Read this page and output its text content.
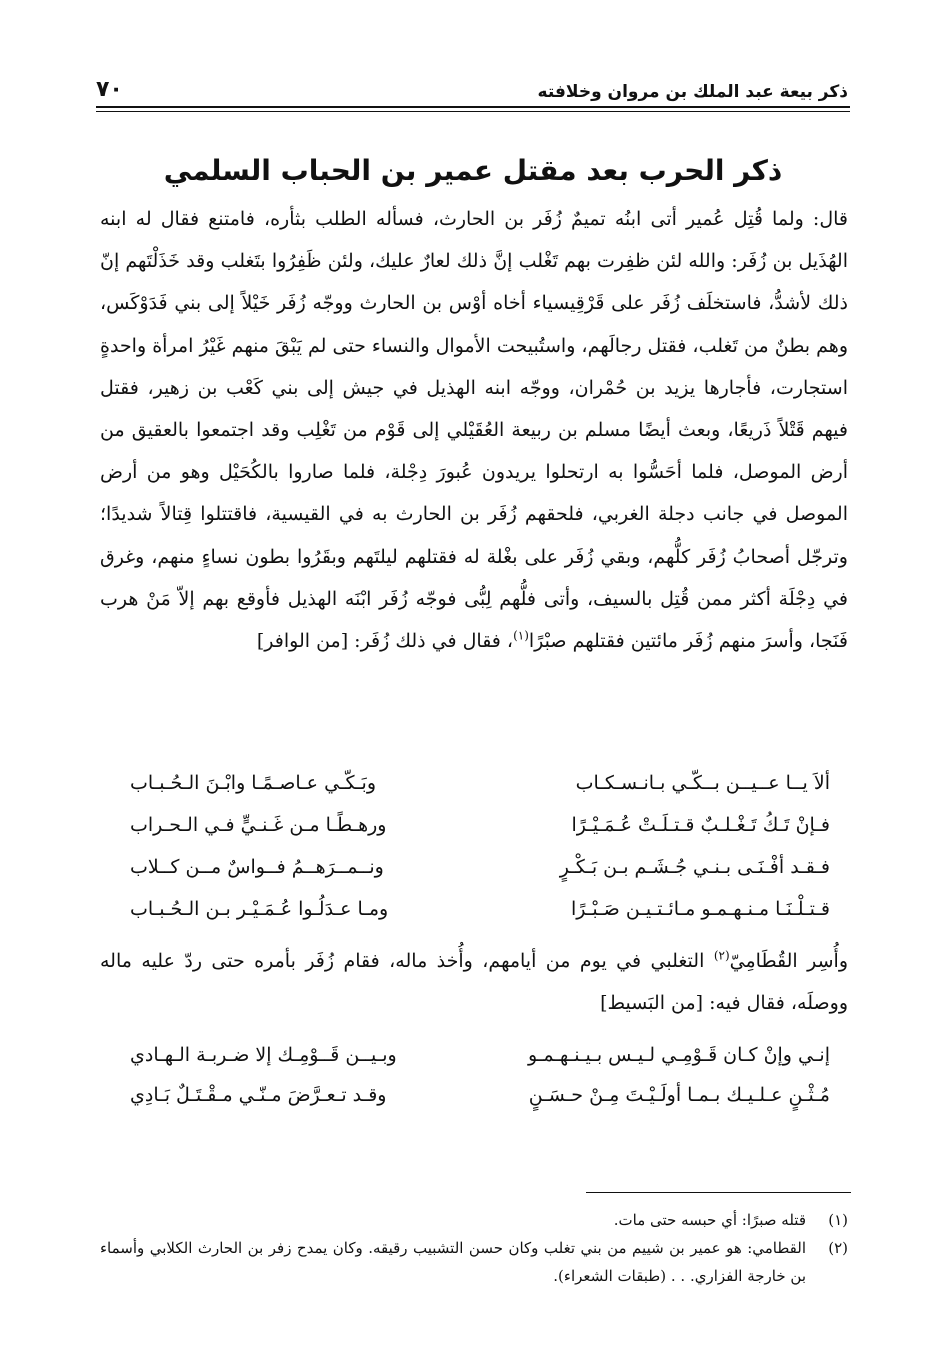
ذكر بيعة عبد الملك بن مروان وخلافته
٧٠
ذكر الحرب بعد مقتل عمير بن الحباب السلمي

قال: ولما قُتِل عُمير أتى ابنُه تميمٌ زُفَر بن الحارث، فسأله الطلب بثأره، فامتنع فقال له ابنه الهُذَيل بن زُفَر: والله لئن ظفِرت بهم تَغْلب إنَّ ذلك لعارٌ عليك، ولئن ظَفِرُوا بتَغلب وقد خَذَلْتَهم إنّ ذلك لأشدُّ، فاستخلَف زُفَر على قَرْقِيسياء أخاه أوْس بن الحارث ووجّه زُفَر خَيْلاً إلى بني فَدَوْكَس، وهم بطنٌ من تَغلب، فقتل رجالَهم، واستُبيحت الأموال والنساء حتى لم يَبْقَ منهم غَيْرُ امرأة واحدةٍ استجارت، فأجارها يزيد بن حُمْران، ووجّه ابنه الهذيل في جيش إلى بني كَعْب بن زهير، فقتل فيهم قَتْلاً ذَريعًا، وبعث أيضًا مسلم بن ربيعة العُقَيْلي إلى قَوْم من تَغْلِب وقد اجتمعوا بالعقيق من أرض الموصل، فلما أحَسُّوا به ارتحلوا يريدون عُبورَ دِجْلة، فلما صاروا بالكُحَيْل وهو من أرض الموصل في جانب دجلة الغربي، فلحقهم زُفَر بن الحارث به في القيسية، فاقتتلوا قِتالاً شديدًا؛ وترجّل أصحابُ زُفَر كلُّهم، وبقي زُفَر على بغْلة له فقتلهم ليلتَهم وبقَرُوا بطون نساءٍ منهم، وغرق في دِجْلَة أكثر ممن قُتِل بالسيف، وأتى فلُّهم لِبُّى فوجّه زُفَر ابْنَه الهذيل فأوقع بهم إلاّ مَنْ هرب فَنَجا، وأسرَ منهم زُفَر مائتين فقتلهم صبْرًا$^{(١)}$، فقال في ذلك زُفَر: [من الوافر]

ألاَ يــا عــيــن بــكّـي بـانـسـكـاب
وبَـكّـي عـاصـمًـا وابْـنَ الـحُـبـاب
فـإنْ تَـكُ تَـغْـلـبٌ قـتـلَـتْ عُـمَـيْـرًا
ورهـطًـا مـن غَـنـيٍّ فـي الـحـراب
فـقـد أفْـنَـى بـنـي جُـشَـم بـن بَـكْـرٍ
ونــمــرَهــمُ فــواسٌ مــن كــلاب
قـتـلْـنَـا مـنـهـمـو مـائـتـيـن صَـبْـرًا
ومـا عـدَلُـوا عُـمَـيْـر بـن الـحُـبـاب

وأُسِر القُطَامِيّ$^{(٢)}$ التغلبي في يوم من أيامهم، وأُخذ ماله، فقام زُفَر بأمره حتى ردّ عليه ماله ووصلَه، فقال فيه: [من البَسيط]

إنـي وإنْ كـان قَـوْمِـي لـيـس بـيـنـهـمـو
وبـيــن قَــوْمِـك إلا ضـربـة الـهـادي
مُـثْـنٍ عـلـيـك بـمـا أولَـيْـتَ مِـنْ حـسَـنٍ
وقـد تـعـرَّضَ مـنّـي مـقْـتَـلٌ بَـادِي
(١)
قتله صبرًا: أي حبسه حتى مات.
(٢)
القطامي: هو عمير بن شييم من بني تغلب وكان حسن التشبيب رقيقه. وكان يمدح زفر بن الحارث الكلابي وأسماء بن خارجة الفزاري. . . (طبقات الشعراء).
